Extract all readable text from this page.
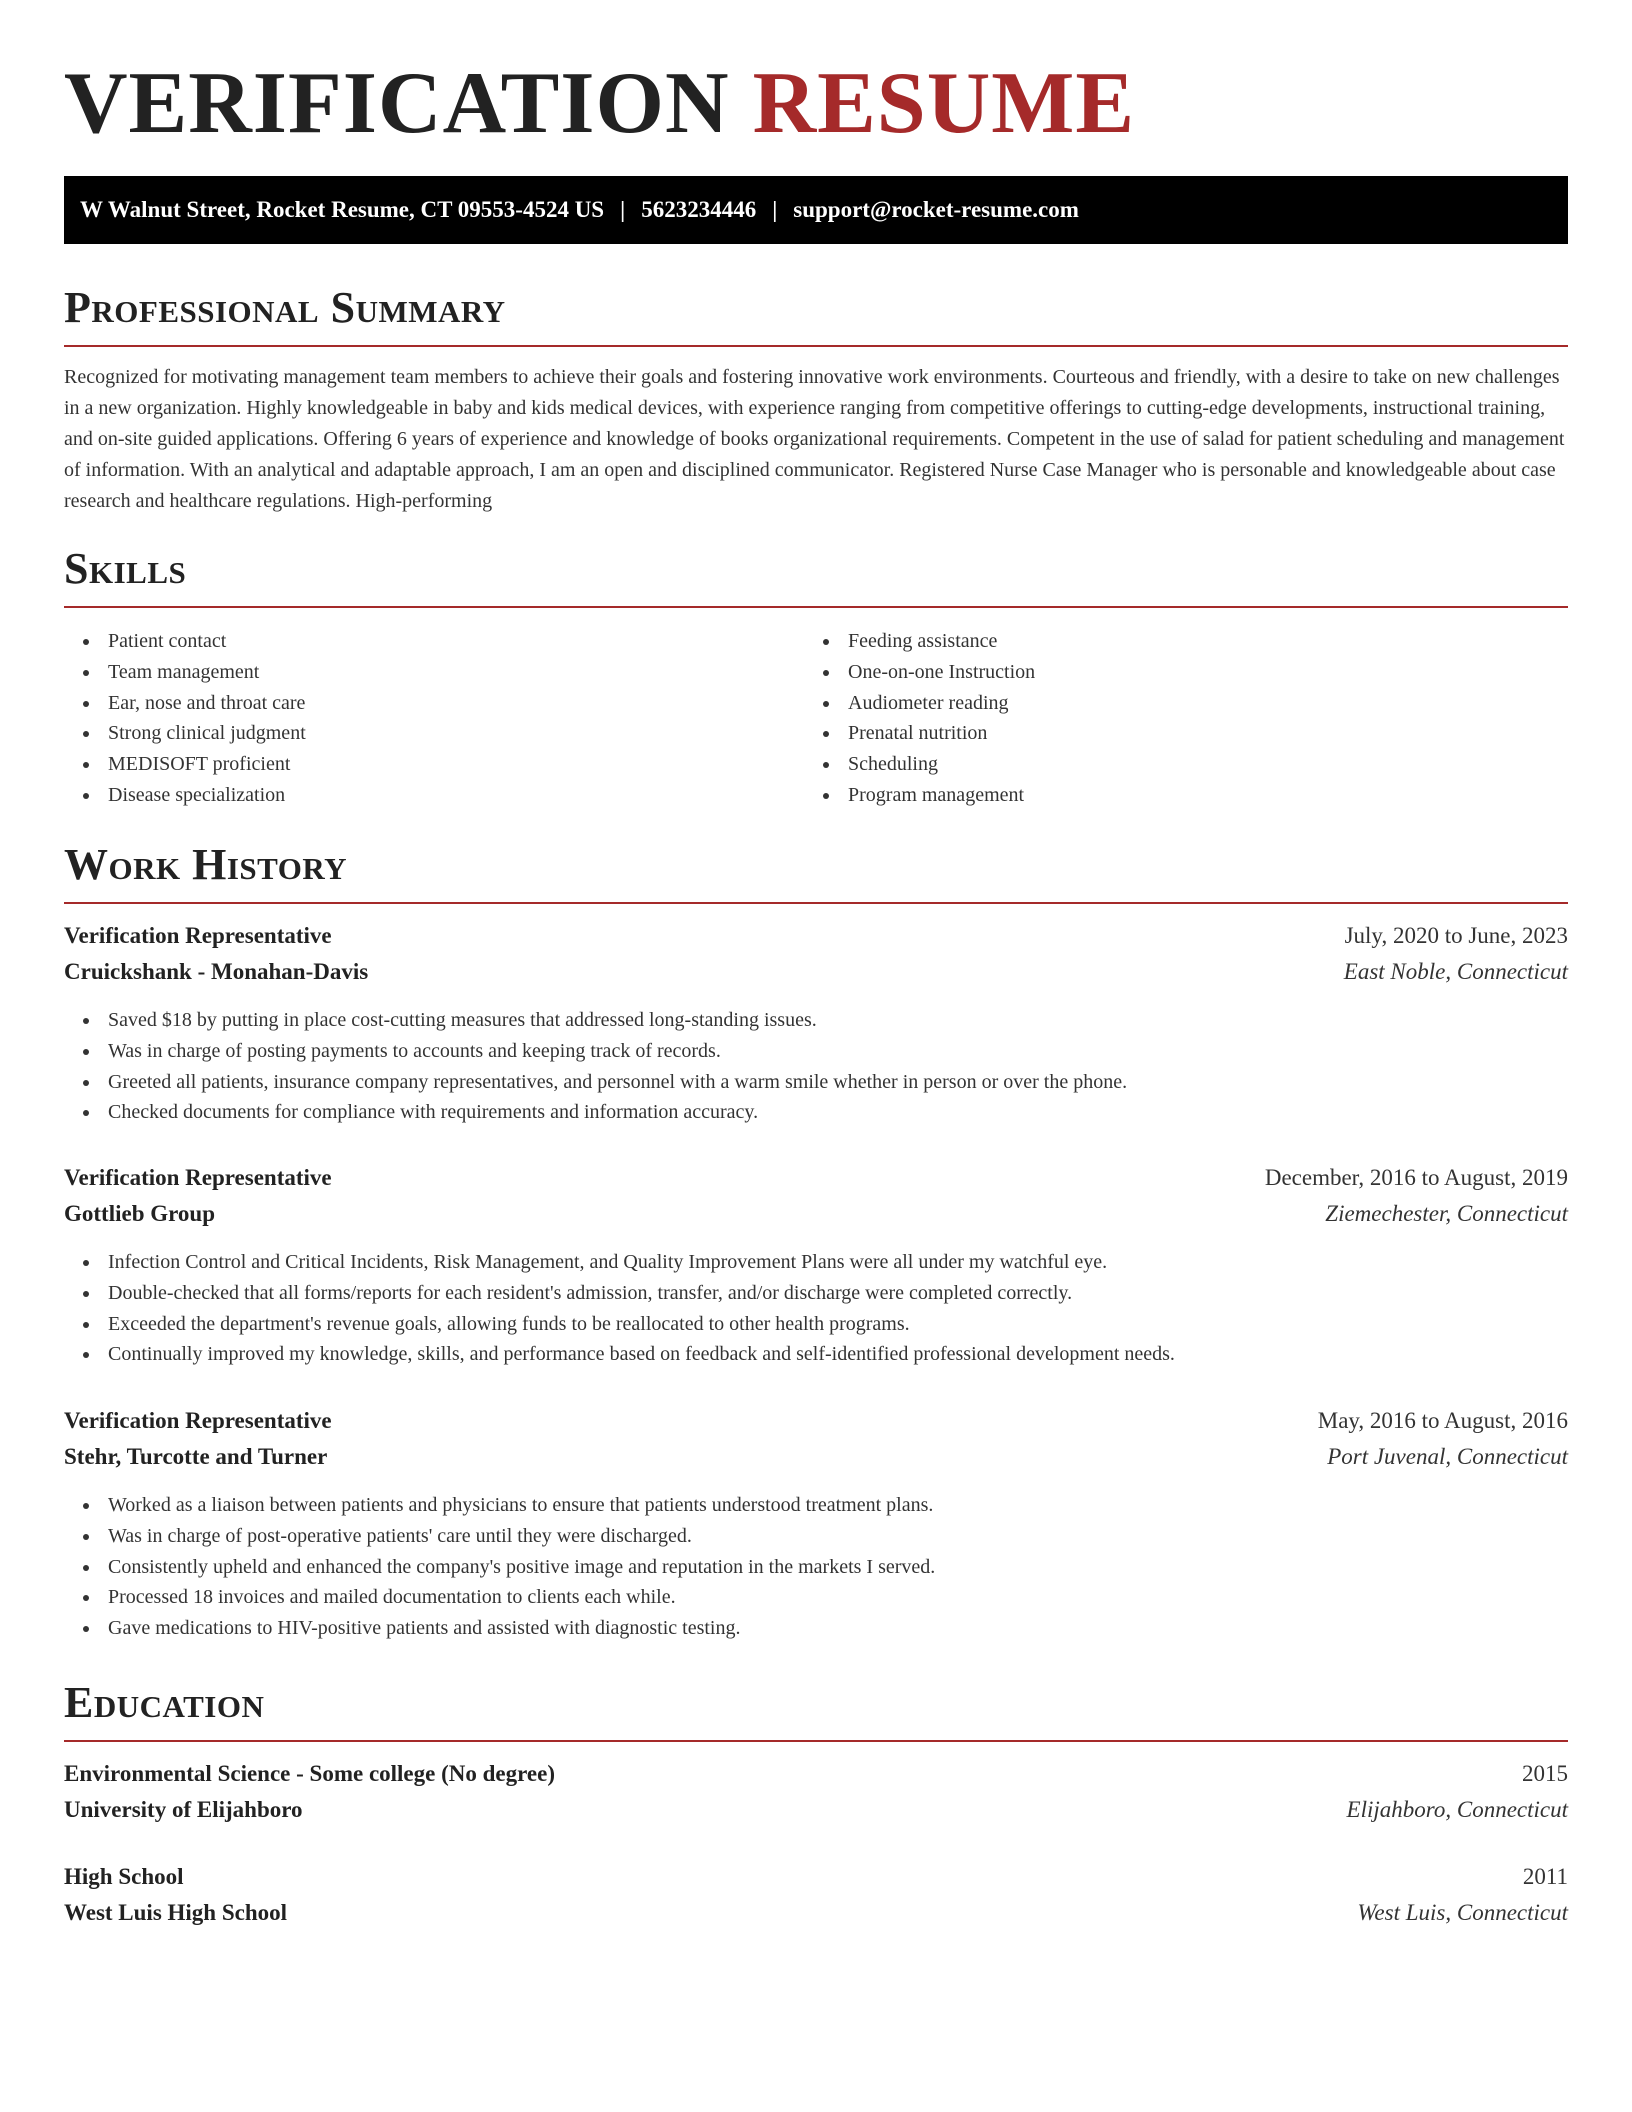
VERIFICATION RESUME
W Walnut Street, Rocket Resume, CT 09553-4524 US | 5623234446 | support@rocket-resume.com
Professional Summary

Recognized for motivating management team members to achieve their goals and fostering innovative work environments. Courteous and friendly, with a desire to take on new challenges in a new organization. Highly knowledgeable in baby and kids medical devices, with experience ranging from competitive offerings to cutting-edge developments, instructional training, and on-site guided applications. Offering 6 years of experience and knowledge of books organizational requirements. Competent in the use of salad for patient scheduling and management of information. With an analytical and adaptable approach, I am an open and disciplined communicator. Registered Nurse Case Manager who is personable and knowledgeable about case research and healthcare regulations. High-performing

Skills
Patient contact
Team management
Ear, nose and throat care
Strong clinical judgment
MEDISOFT proficient
Disease specialization
Feeding assistance
One-on-one Instruction
Audiometer reading
Prenatal nutrition
Scheduling
Program management
Work History
Verification Representative	July, 2020 to June, 2023
Cruickshank - Monahan-Davis	East Noble, Connecticut
Saved $18 by putting in place cost-cutting measures that addressed long-standing issues.
Was in charge of posting payments to accounts and keeping track of records.
Greeted all patients, insurance company representatives, and personnel with a warm smile whether in person or over the phone.
Checked documents for compliance with requirements and information accuracy.
Verification Representative	December, 2016 to August, 2019
Gottlieb Group	Ziemechester, Connecticut
Infection Control and Critical Incidents, Risk Management, and Quality Improvement Plans were all under my watchful eye.
Double-checked that all forms/reports for each resident's admission, transfer, and/or discharge were completed correctly.
Exceeded the department's revenue goals, allowing funds to be reallocated to other health programs.
Continually improved my knowledge, skills, and performance based on feedback and self-identified professional development needs.
Verification Representative	May, 2016 to August, 2016
Stehr, Turcotte and Turner	Port Juvenal, Connecticut
Worked as a liaison between patients and physicians to ensure that patients understood treatment plans.
Was in charge of post-operative patients' care until they were discharged.
Consistently upheld and enhanced the company's positive image and reputation in the markets I served.
Processed 18 invoices and mailed documentation to clients each while.
Gave medications to HIV-positive patients and assisted with diagnostic testing.
Education
Environmental Science - Some college (No degree)	2015
University of Elijahboro	Elijahboro, Connecticut
High School	2011
West Luis High School	West Luis, Connecticut
